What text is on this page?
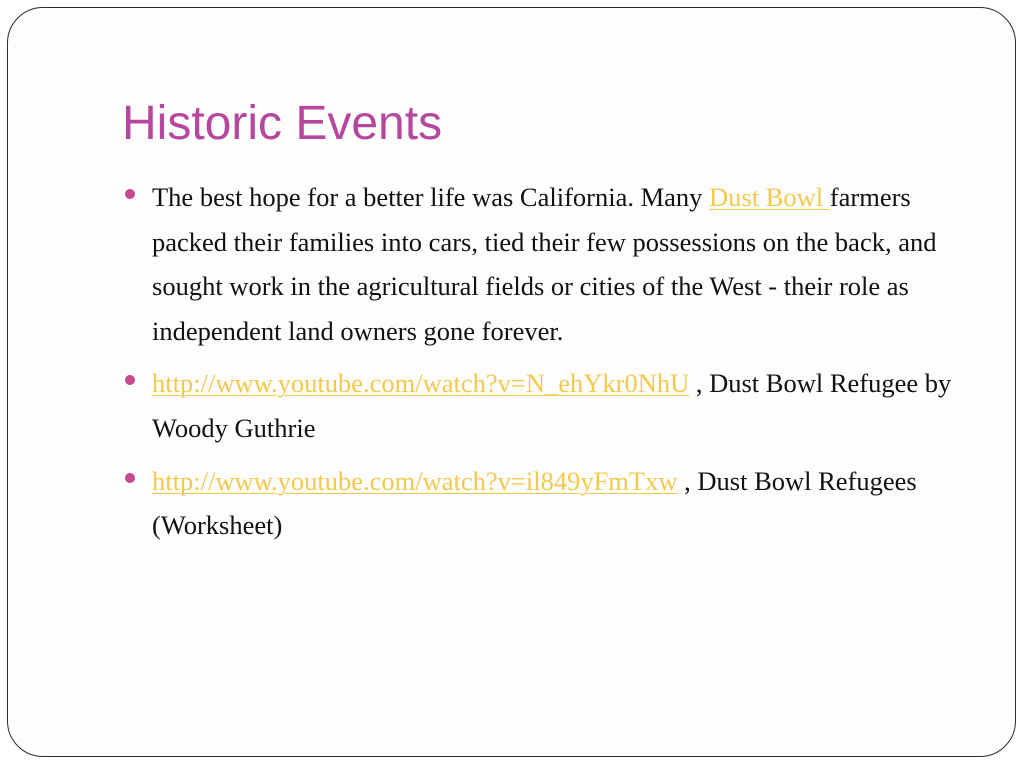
Historic Events
The best hope for a better life was California. Many Dust Bowl farmers packed their families into cars, tied their few possessions on the back, and sought work in the agricultural fields or cities of the West - their role as independent land owners gone forever.
http://www.youtube.com/watch?v=N_ehYkr0NhU , Dust Bowl Refugee by Woody Guthrie
http://www.youtube.com/watch?v=il849yFmTxw , Dust Bowl Refugees (Worksheet)
